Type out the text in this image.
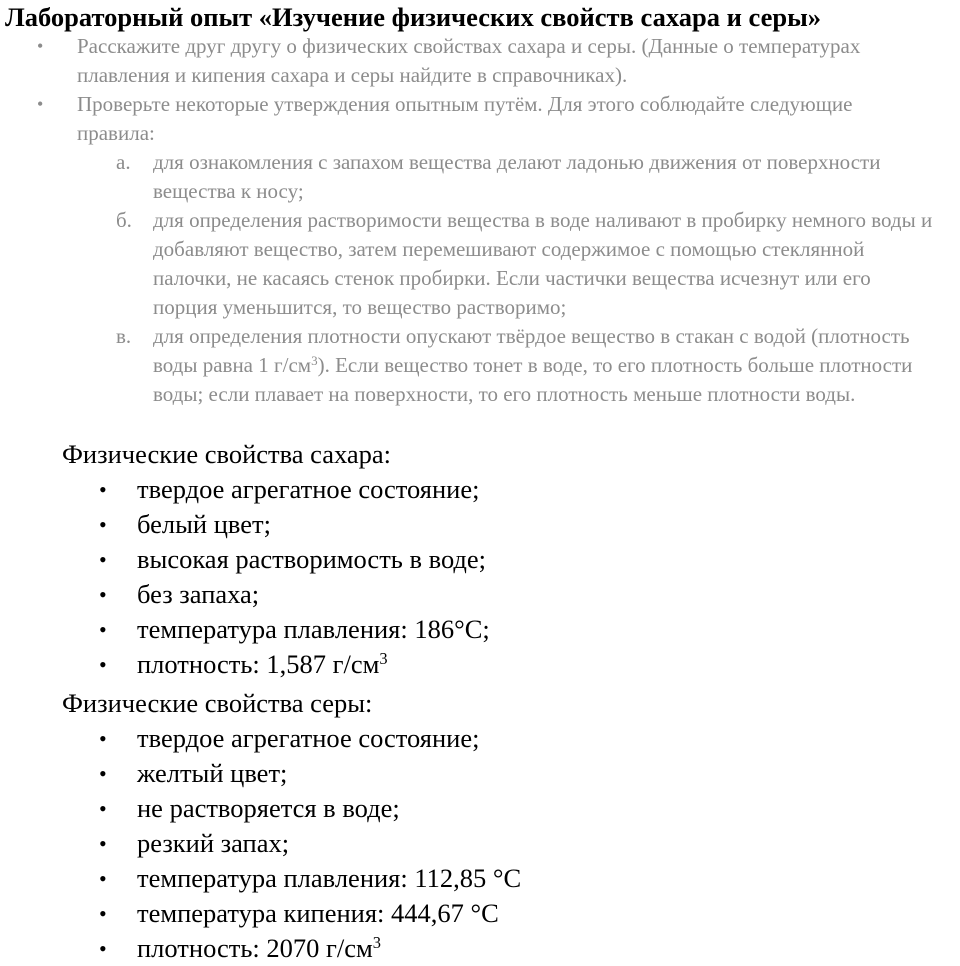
Лабораторный опыт «Изучение физических свойств сахара и серы»
• Расскажите друг другу о физических свойствах сахара и серы. (Данные о температурах плавления и кипения сахара и серы найдите в справочниках).
• Проверьте некоторые утверждения опытным путём. Для этого соблюдайте следующие правила:
а. для ознакомления с запахом вещества делают ладонью движения от поверхности вещества к носу;
б. для определения растворимости вещества в воде наливают в пробирку немного воды и добавляют вещество, затем перемешивают содержимое с помощью стеклянной палочки, не касаясь стенок пробирки. Если частички вещества исчезнут или его порция уменьшится, то вещество растворимо;
в. для определения плотности опускают твёрдое вещество в стакан с водой (плотность воды равна 1 $г/см^3$). Если вещество тонет в воде, то его плотность больше плотности воды; если плавает на поверхности, то его плотность меньше плотности воды.
Физические свойства сахара:
• твердое агрегатное состояние;
• белый цвет;
• высокая растворимость в воде;
• без запаха;
• температура плавления: 186°С;
• плотность: 1,587 $г/см^3$
Физические свойства серы:
• твердое агрегатное состояние;
• желтый цвет;
• не растворяется в воде;
• резкий запах;
• температура плавления: 112,85 °С
• температура кипения: 444,67 °С
• плотность: 2070 $г/см^3$
